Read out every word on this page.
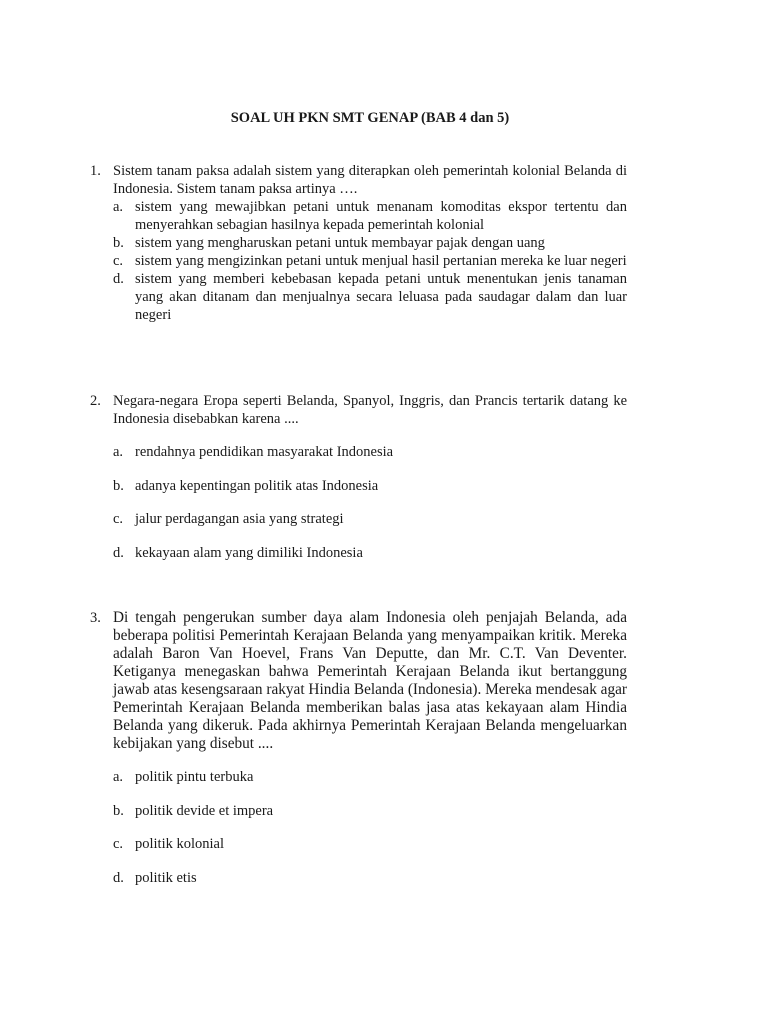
SOAL UH PKN SMT GENAP (BAB 4 dan 5)
1. Sistem tanam paksa adalah sistem yang diterapkan oleh pemerintah kolonial Belanda di Indonesia. Sistem tanam paksa artinya ….
a. sistem yang mewajibkan petani untuk menanam komoditas ekspor tertentu dan menyerahkan sebagian hasilnya kepada pemerintah kolonial
b. sistem yang mengharuskan petani untuk membayar pajak dengan uang
c. sistem yang mengizinkan petani untuk menjual hasil pertanian mereka ke luar negeri
d. sistem yang memberi kebebasan kepada petani untuk menentukan jenis tanaman yang akan ditanam dan menjualnya secara leluasa pada saudagar dalam dan luar negeri
2. Negara-negara Eropa seperti Belanda, Spanyol, Inggris, dan Prancis tertarik datang ke Indonesia disebabkan karena ....
a. rendahnya pendidikan masyarakat Indonesia
b. adanya kepentingan politik atas Indonesia
c. jalur perdagangan asia yang strategi
d. kekayaan alam yang dimiliki Indonesia
3. Di tengah pengerukan sumber daya alam Indonesia oleh penjajah Belanda, ada beberapa politisi Pemerintah Kerajaan Belanda yang menyampaikan kritik. Mereka adalah Baron Van Hoevel, Frans Van Deputte, dan Mr. C.T. Van Deventer. Ketiganya menegaskan bahwa Pemerintah Kerajaan Belanda ikut bertanggung jawab atas kesengsaraan rakyat Hindia Belanda (Indonesia). Mereka mendesak agar Pemerintah Kerajaan Belanda memberikan balas jasa atas kekayaan alam Hindia Belanda yang dikeruk. Pada akhirnya Pemerintah Kerajaan Belanda mengeluarkan kebijakan yang disebut ....
a. politik pintu terbuka
b. politik devide et impera
c. politik kolonial
d. politik etis
